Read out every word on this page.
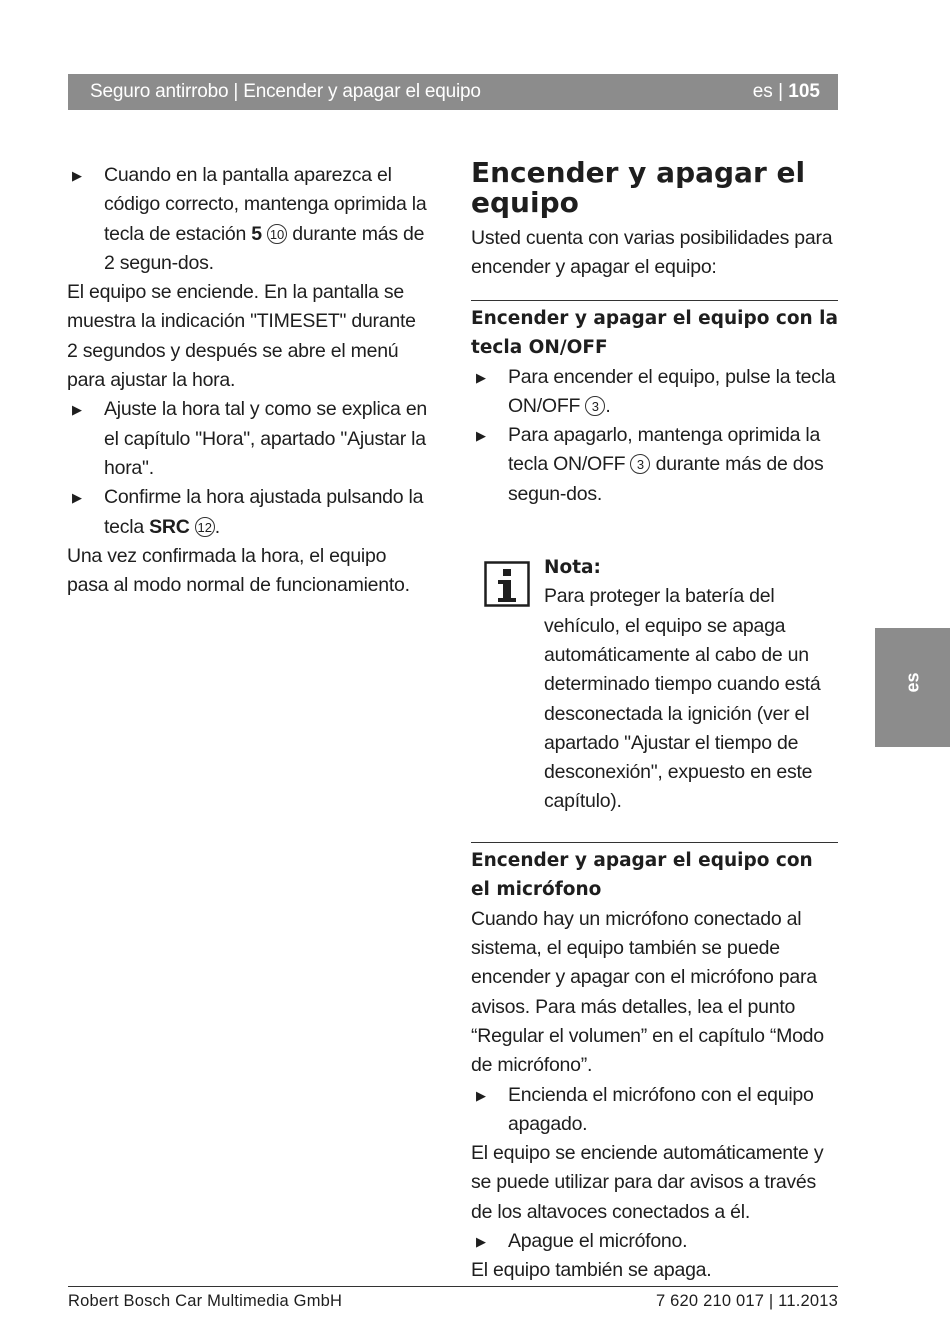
Seguro antirrobo | Encender y apagar el equipo	es | 105
▶ Cuando en la pantalla aparezca el código correcto, mantenga oprimida la tecla de estación 5 10 durante más de 2 segun-dos.

El equipo se enciende. En la pantalla se muestra la indicación "TIMESET" durante 2 segundos y después se abre el menú para ajustar la hora.

▶ Ajuste la hora tal y como se explica en el capítulo "Hora", apartado "Ajustar la hora".
▶ Confirme la hora ajustada pulsando la tecla SRC 12 .

Una vez confirmada la hora, el equipo pasa al modo normal de funcionamiento.

Encender y apagar el equipo

Usted cuenta con varias posibilidades para encender y apagar el equipo:

Encender y apagar el equipo con la tecla ON/OFF
▶ Para encender el equipo, pulse la tecla ON/OFF 3 .
▶ Para apagarlo, mantenga oprimida la tecla ON/OFF 3 durante más de dos segun-dos.
Nota:

Para proteger la batería del vehículo, el equipo se apaga automáticamente al cabo de un determinado tiempo cuando está desconectada la ignición (ver el apartado "Ajustar el tiempo de desconexión", expuesto en este capítulo).

Encender y apagar el equipo con el micrófono

Cuando hay un micrófono conectado al sistema, el equipo también se puede encender y apagar con el micrófono para avisos. Para más detalles, lea el punto “Regular el volumen” en el capítulo “Modo de micrófono”.

▶ Encienda el micrófono con el equipo apagado.

El equipo se enciende automáticamente y se puede utilizar para dar avisos a través de los altavoces conectados a él.

▶ Apague el micrófono.

El equipo también se apaga.

es
Robert Bosch Car Multimedia GmbH	7 620 210 017 | 11.2013
